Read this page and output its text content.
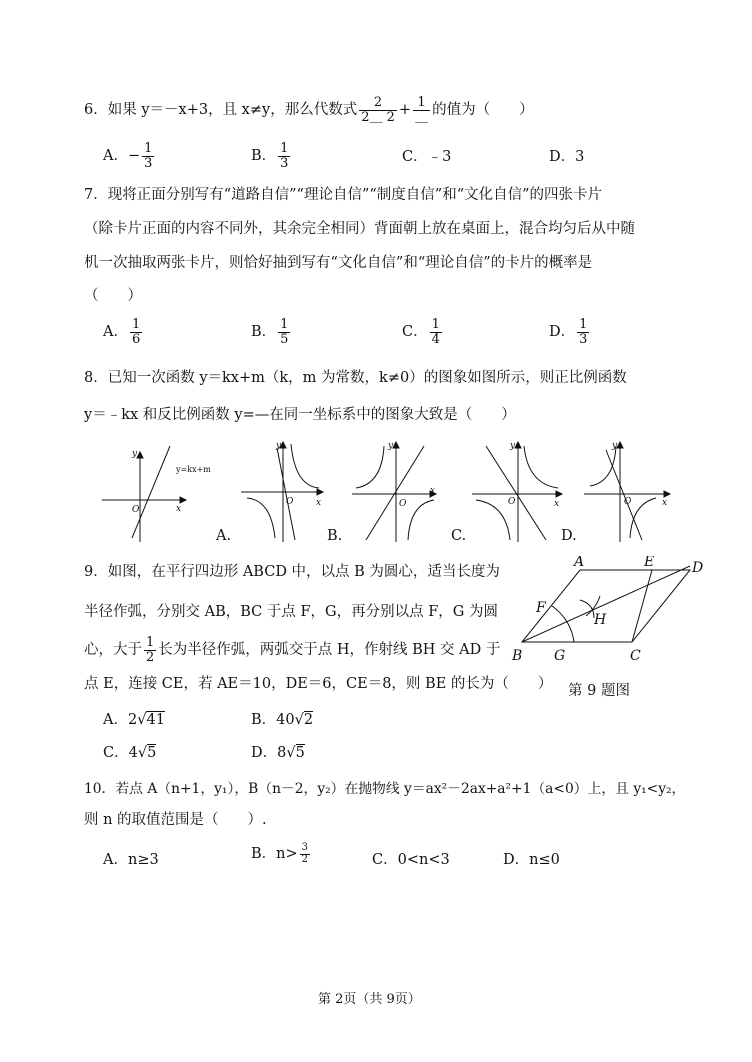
6．如果 y＝－x+3，且 x≠y，那么代数式 $\frac{2}{2\_ 2} + \frac{1}{\_}$ 的值为（　　）
A．− $\frac{1}{3}$	B． $\frac{1}{3}$	C．﹣3	D．3
7．现将正面分别写有“道路自信”“理论自信”“制度自信”和“文化自信”的四张卡片
（除卡片正面的内容不同外，其余完全相同）背面朝上放在桌面上，混合均匀后从中随
机一次抽取两张卡片，则恰好抽到写有“文化自信”和“理论自信”的卡片的概率是
（　　）
A． $\frac{1}{6}$	B． $\frac{1}{5}$	C． $\frac{1}{4}$	D． $\frac{1}{3}$
8．已知一次函数 y＝kx+m（k，m 为常数，k≠0）的图象如图所示，则正比例函数
y＝﹣kx 和反比例函数 y=—在同一坐标系中的图象大致是（　　）
y
x
O
y=kx+m
y
x
O
y
x
O
y
x
O
y
x
O
A.	B.	C.	D.
9．如图，在平行四边形 ABCD 中，以点 B 为圆心，适当长度为
半径作弧，分别交 AB，BC 于点 F，G，再分别以点 F，G 为圆
心，大于 $\frac{1}{2}$ 长为半径作弧，两弧交于点 H，作射线 BH 交 AD 于
点 E，连接 CE，若 AE＝10，DE＝6，CE＝8，则 BE 的长为（　　）
A	E	D
F
H
B G	C
第 9 题图
A．2√41	B．40√2
C．4√5	D．8√5
10．若点 A（n+1，y₁），B（n－2，y₂）在抛物线 y＝ax²－2ax+a²+1（a<0）上，且 y₁<y₂，
则 n 的取值范围是（　　）.
A．n≥3	B．$n> \frac{3}{2}$	C．0<n<3	D．n≤0
第 2页（共 9页）
